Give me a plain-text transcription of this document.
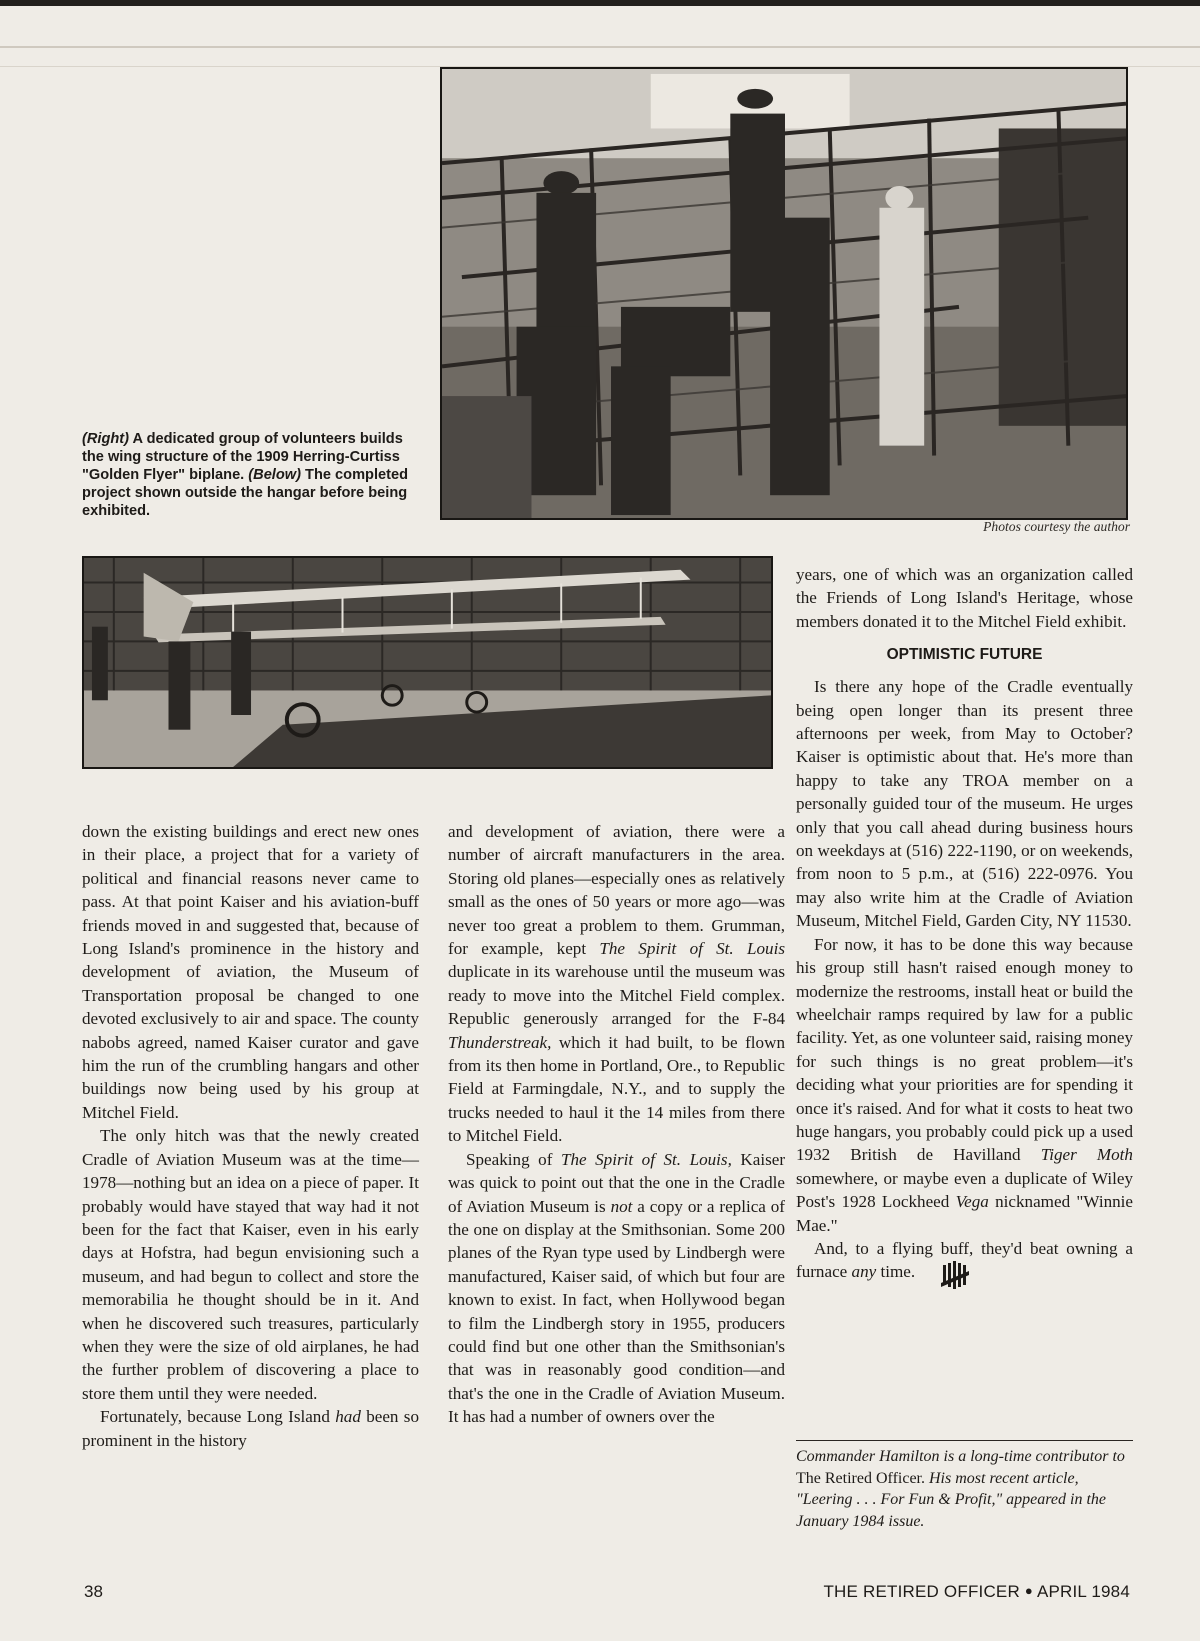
(Right) A dedicated group of volunteers builds the wing structure of the 1909 Herring-Curtiss "Golden Flyer" biplane. (Below) The completed project shown outside the hangar before being exhibited.
Photos courtesy the author

down the existing buildings and erect new ones in their place, a project that for a variety of political and financial reasons never came to pass. At that point Kaiser and his aviation-buff friends moved in and suggested that, because of Long Island's prominence in the history and development of aviation, the Museum of Transportation proposal be changed to one devoted exclusively to air and space. The county nabobs agreed, named Kaiser curator and gave him the run of the crumbling hangars and other buildings now being used by his group at Mitchel Field.

The only hitch was that the newly created Cradle of Aviation Museum was at the time—1978—nothing but an idea on a piece of paper. It probably would have stayed that way had it not been for the fact that Kaiser, even in his early days at Hofstra, had begun envisioning such a museum, and had begun to collect and store the memorabilia he thought should be in it. And when he discovered such treasures, particularly when they were the size of old airplanes, he had the further problem of discovering a place to store them until they were needed.

Fortunately, because Long Island had been so prominent in the history

and development of aviation, there were a number of aircraft manufacturers in the area. Storing old planes—especially ones as relatively small as the ones of 50 years or more ago—was never too great a problem to them. Grumman, for example, kept The Spirit of St. Louis duplicate in its warehouse until the museum was ready to move into the Mitchel Field complex. Republic generously arranged for the F-84 Thunderstreak, which it had built, to be flown from its then home in Portland, Ore., to Republic Field at Farmingdale, N.Y., and to supply the trucks needed to haul it the 14 miles from there to Mitchel Field.

Speaking of The Spirit of St. Louis, Kaiser was quick to point out that the one in the Cradle of Aviation Museum is not a copy or a replica of the one on display at the Smithsonian. Some 200 planes of the Ryan type used by Lindbergh were manufactured, Kaiser said, of which but four are known to exist. In fact, when Hollywood began to film the Lindbergh story in 1955, producers could find but one other than the Smithsonian's that was in reasonably good condition—and that's the one in the Cradle of Aviation Museum. It has had a number of owners over the

years, one of which was an organization called the Friends of Long Island's Heritage, whose members donated it to the Mitchel Field exhibit.

OPTIMISTIC FUTURE

Is there any hope of the Cradle eventually being open longer than its present three afternoons per week, from May to October? Kaiser is optimistic about that. He's more than happy to take any TROA member on a personally guided tour of the museum. He urges only that you call ahead during business hours on weekdays at (516) 222-1190, or on weekends, from noon to 5 p.m., at (516) 222-0976. You may also write him at the Cradle of Aviation Museum, Mitchel Field, Garden City, NY 11530.

For now, it has to be done this way because his group still hasn't raised enough money to modernize the restrooms, install heat or build the wheelchair ramps required by law for a public facility. Yet, as one volunteer said, raising money for such things is no great problem—it's deciding what your priorities are for spending it once it's raised. And for what it costs to heat two huge hangars, you probably could pick up a used 1932 British de Havilland Tiger Moth somewhere, or maybe even a duplicate of Wiley Post's 1928 Lockheed Vega nicknamed "Winnie Mae."

And, to a flying buff, they'd beat owning a furnace any time.

Commander Hamilton is a long-time contributor to The Retired Officer. His most recent article, "Leering . . . For Fun & Profit," appeared in the January 1984 issue.
38	THE RETIRED OFFICER ● APRIL 1984
